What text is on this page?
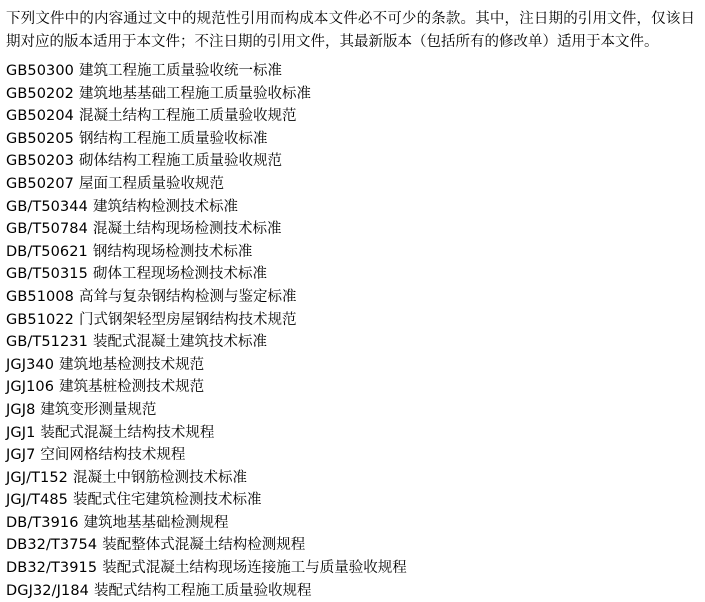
下列文件中的内容通过文中的规范性引用而构成本文件必不可少的条款。其中，注日期的引用文件，仅该日期对应的版本适用于本文件；不注日期的引用文件，其最新版本（包括所有的修改单）适用于本文件。

GB50300 建筑工程施工质量验收统一标准
GB50202 建筑地基基础工程施工质量验收标准
GB50204 混凝土结构工程施工质量验收规范
GB50205 钢结构工程施工质量验收标准
GB50203 砌体结构工程施工质量验收规范
GB50207 屋面工程质量验收规范
GB/T50344 建筑结构检测技术标准
GB/T50784 混凝土结构现场检测技术标准
DB/T50621 钢结构现场检测技术标准
GB/T50315 砌体工程现场检测技术标准
GB51008 高耸与复杂钢结构检测与鉴定标准
GB51022 门式钢架轻型房屋钢结构技术规范
GB/T51231 装配式混凝土建筑技术标准
JGJ340 建筑地基检测技术规范
JGJ106 建筑基桩检测技术规范
JGJ8 建筑变形测量规范
JGJ1 装配式混凝土结构技术规程
JGJ7 空间网格结构技术规程
JGJ/T152 混凝土中钢筋检测技术标准
JGJ/T485 装配式住宅建筑检测技术标准
DB/T3916 建筑地基基础检测规程
DB32/T3754 装配整体式混凝土结构检测规程
DB32/T3915 装配式混凝土结构现场连接施工与质量验收规程
DGJ32/J184 装配式结构工程施工质量验收规程
